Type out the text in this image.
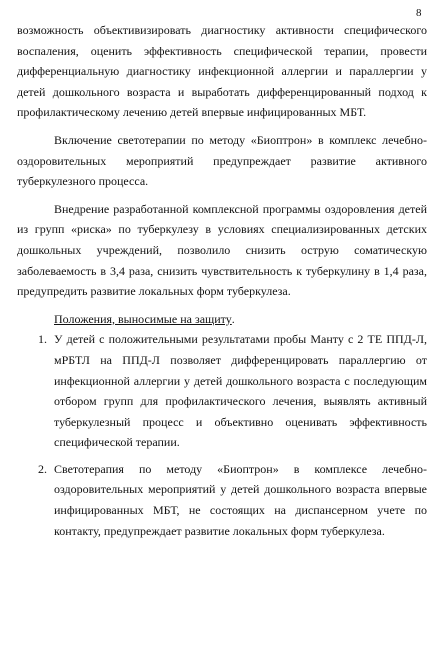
8

возможность объективизировать диагностику активности специфического воспаления, оценить эффективность специфической терапии, провести дифференциальную диагностику инфекционной аллергии и параллергии у детей дошкольного возраста и выработать дифференцированный подход к профилактическому лечению детей впервые инфицированных МБТ.

Включение светотерапии по методу «Биоптрон» в комплекс лечебно-оздоровительных мероприятий предупреждает развитие активного туберкулезного процесса.

Внедрение разработанной комплексной программы оздоровления детей из групп «риска» по туберкулезу в условиях специализированных детских дошкольных учреждений, позволило снизить острую соматическую заболеваемость в 3,4 раза, снизить чувствительность к туберкулину в 1,4 раза, предупредить развитие локальных форм туберкулеза.

Положения, выносимые на защиту.
1. У детей с положительными результатами пробы Манту с 2 ТЕ ППД-Л, мРБТЛ на ППД-Л позволяет дифференцировать параллергию от инфекционной аллергии у детей дошкольного возраста с последующим отбором групп для профилактического лечения, выявлять активный туберкулезный процесс и объективно оценивать эффективность специфической терапии.
2. Светотерапия по методу «Биоптрон» в комплексе лечебно-оздоровительных мероприятий у детей дошкольного возраста впервые инфицированных МБТ, не состоящих на диспансерном учете по контакту, предупреждает развитие локальных форм туберкулеза.
